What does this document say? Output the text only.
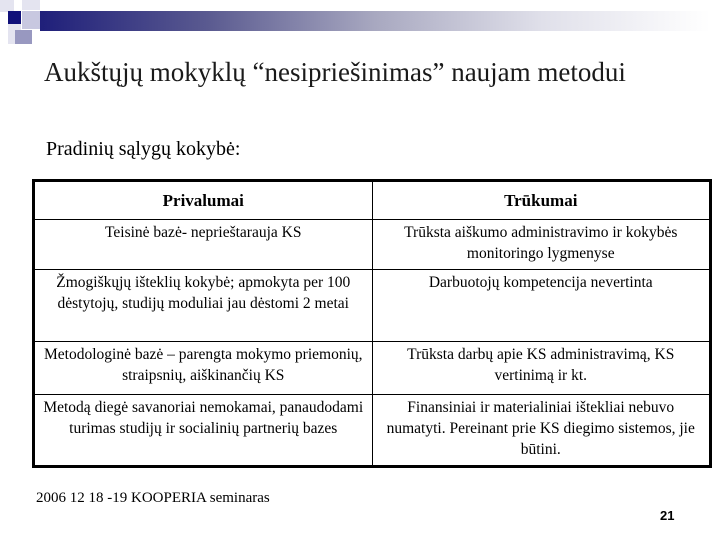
Aukštųjų mokyklų “nesipriešinimas” naujam metodui
Pradinių sąlygų kokybė:
Privalumai	Trūkumai
Teisinė bazė- neprieštarauja KS	Trūksta aiškumo administravimo ir kokybės monitoringo lygmenyse
Žmogiškųjų išteklių kokybė; apmokyta per 100 dėstytojų, studijų moduliai jau dėstomi 2 metai	Darbuotojų kompetencija nevertinta
Metodologinė bazė – parengta mokymo priemonių, straipsnių, aiškinančių KS	Trūksta darbų apie KS administravimą, KS vertinimą ir kt.
Metodą diegė savanoriai nemokamai, panaudodami turimas studijų ir socialinių partnerių bazes	Finansiniai ir materialiniai ištekliai nebuvo numatyti. Pereinant prie KS diegimo sistemos, jie būtini.
2006 12 18 -19 KOOPERIA seminaras
21
